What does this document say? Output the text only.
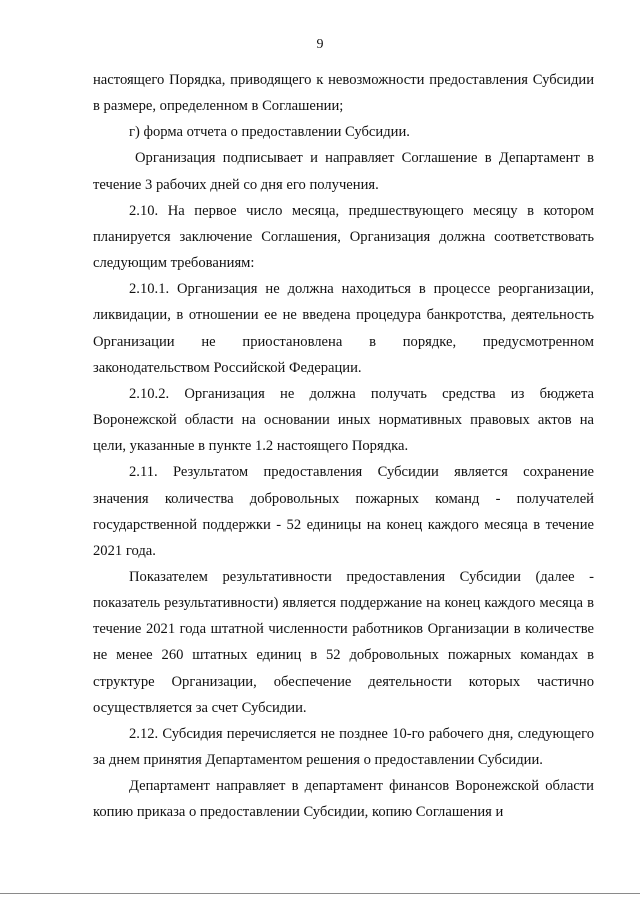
9

настоящего Порядка, приводящего к невозможности предоставления Субсидии в размере, определенном в Соглашении;

г) форма отчета о предоставлении Субсидии.

Организация подписывает и направляет Соглашение в Департамент в течение 3 рабочих дней со дня его получения.

2.10. На первое число месяца, предшествующего месяцу в котором планируется заключение Соглашения, Организация должна соответствовать следующим требованиям:

2.10.1. Организация не должна находиться в процессе реорганизации, ликвидации, в отношении ее не введена процедура банкротства, деятельность Организации не приостановлена в порядке, предусмотренном законодательством Российской Федерации.

2.10.2. Организация не должна получать средства из бюджета Воронежской области на основании иных нормативных правовых актов на цели, указанные в пункте 1.2 настоящего Порядка.

2.11. Результатом предоставления Субсидии является сохранение значения количества добровольных пожарных команд - получателей государственной поддержки - 52 единицы на конец каждого месяца в течение 2021 года.

Показателем результативности предоставления Субсидии (далее - показатель результативности) является поддержание на конец каждого месяца в течение 2021 года штатной численности работников Организации в количестве не менее 260 штатных единиц в 52 добровольных пожарных командах в структуре Организации, обеспечение деятельности которых частично осуществляется за счет Субсидии.

2.12. Субсидия перечисляется не позднее 10-го рабочего дня, следующего за днем принятия Департаментом решения о предоставлении Субсидии.

Департамент направляет в департамент финансов Воронежской области копию приказа о предоставлении Субсидии, копию Соглашения и
